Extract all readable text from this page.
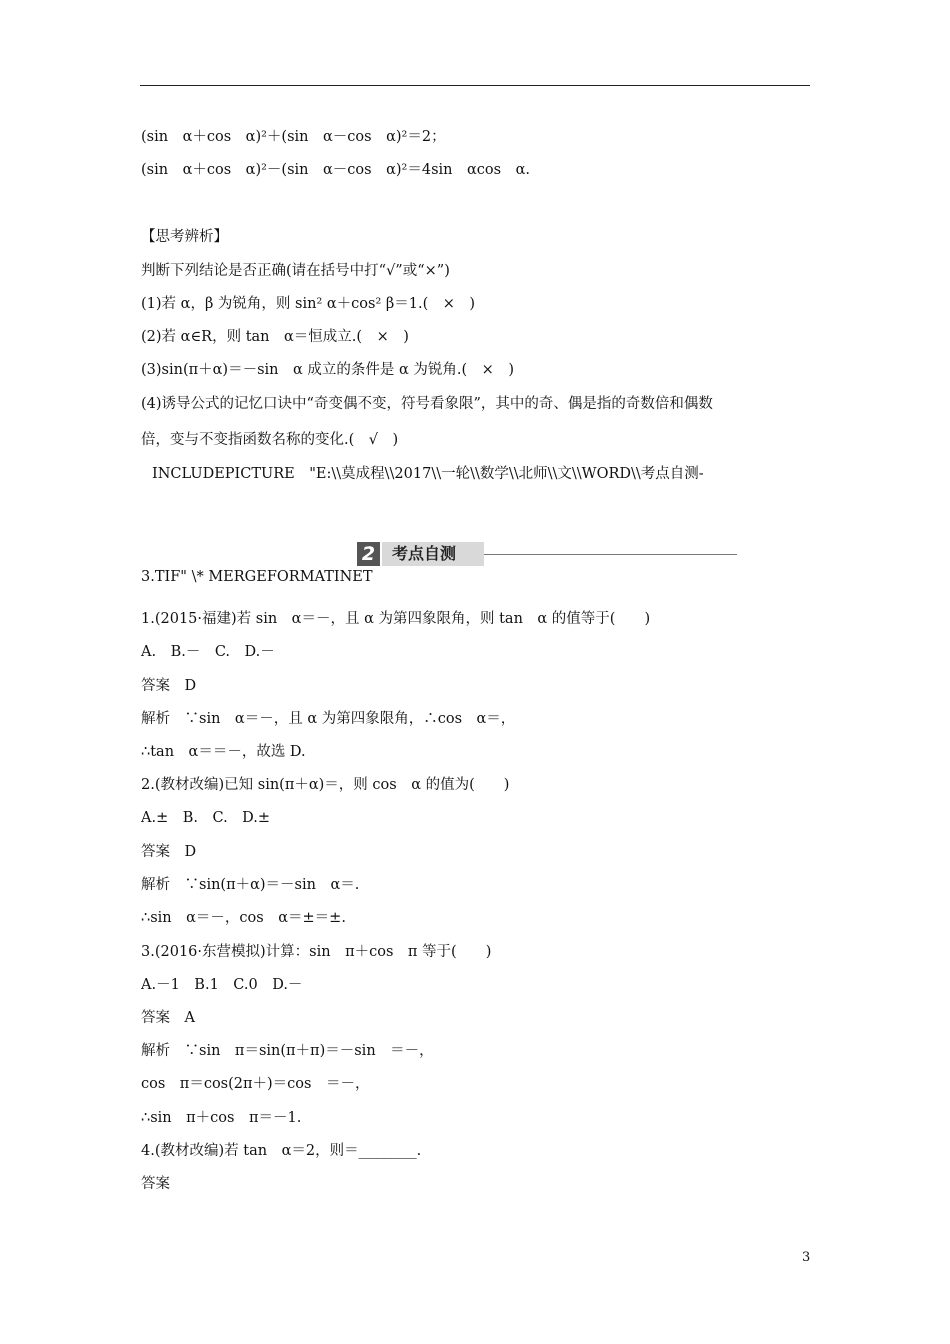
(sin　α＋cos　α)²＋(sin　α－cos　α)²＝2；
(sin　α＋cos　α)²－(sin　α－cos　α)²＝4sin　αcos　α.
【思考辨析】
判断下列结论是否正确(请在括号中打“√”或“×”)
(1)若 α，β 为锐角，则 sin² α＋cos² β＝1.(　×　)
(2)若 α∈R，则 tan　α＝恒成立.(　×　)
(3)sin(π＋α)＝－sin　α 成立的条件是 α 为锐角.(　×　)
(4)诱导公式的记忆口诀中“奇变偶不变，符号看象限”，其中的奇、偶是指的奇数倍和偶数
倍，变与不变指函数名称的变化.(　√　)
INCLUDEPICTURE　"E:\\莫成程\\2017\\一轮\\数学\\北师\\文\\WORD\\考点自测-
2	考点自测
3.TIF" \* MERGEFORMATINET
1.(2015·福建)若 sin　α＝－，且 α 为第四象限角，则 tan　α 的值等于(　　)
A.　B.－　C.　D.－
答案　D
解析　∵sin　α＝－，且 α 为第四象限角，∴cos　α＝，
∴tan　α＝＝－，故选 D.
2.(教材改编)已知 sin(π＋α)＝，则 cos　α 的值为(　　)
A.±　B.　C.　D.±
答案　D
解析　∵sin(π＋α)＝－sin　α＝.
∴sin　α＝－，cos　α＝±＝±.
3.(2016·东营模拟)计算：sin　π＋cos　π 等于(　　)
A.－1　B.1　C.0　D.－
答案　A
解析　∵sin　π＝sin(π＋π)＝－sin　＝－，
cos　π＝cos(2π＋)＝cos　＝－，
∴sin　π＋cos　π＝－1.
4.(教材改编)若 tan　α＝2，则＝________.
答案
3
